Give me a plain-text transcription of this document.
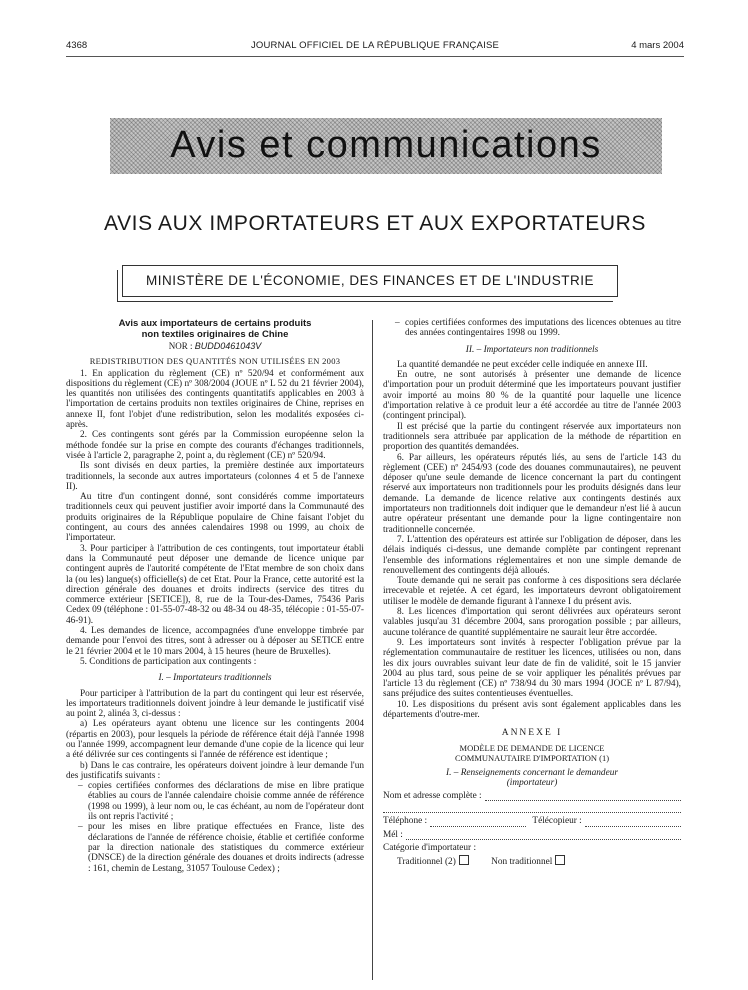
4368	JOURNAL OFFICIEL DE LA RÉPUBLIQUE FRANÇAISE	4 mars 2004
Avis et communications
AVIS AUX IMPORTATEURS ET AUX EXPORTATEURS
MINISTÈRE DE L'ÉCONOMIE, DES FINANCES ET DE L'INDUSTRIE
Avis aux importateurs de certains produits
non textiles originaires de Chine
NOR : BUDD0461043V
REDISTRIBUTION DES QUANTITÉS NON UTILISÉES EN 2003

1. En application du règlement (CE) nº 520/94 et conformément aux dispositions du règlement (CE) nº 308/2004 (JOUE nº L 52 du 21 février 2004), les quantités non utilisées des contingents quantitatifs applicables en 2003 à l'importation de certains produits non textiles originaires de Chine, reprises en annexe II, font l'objet d'une redistribution, selon les modalités exposées ci-après.

2. Ces contingents sont gérés par la Commission européenne selon la méthode fondée sur la prise en compte des courants d'échanges traditionnels, visée à l'article 2, paragraphe 2, point a, du règlement (CE) nº 520/94.

Ils sont divisés en deux parties, la première destinée aux importateurs traditionnels, la seconde aux autres importateurs (colonnes 4 et 5 de l'annexe II).

Au titre d'un contingent donné, sont considérés comme importateurs traditionnels ceux qui peuvent justifier avoir importé dans la Communauté des produits originaires de la République populaire de Chine faisant l'objet du contingent, au cours des années calendaires 1998 ou 1999, au choix de l'importateur.

3. Pour participer à l'attribution de ces contingents, tout importateur établi dans la Communauté peut déposer une demande de licence unique par contingent auprès de l'autorité compétente de l'Etat membre de son choix dans la (ou les) langue(s) officielle(s) de cet Etat. Pour la France, cette autorité est la direction générale des douanes et droits indirects (service des titres du commerce extérieur [SETICE]), 8, rue de la Tour-des-Dames, 75436 Paris Cedex 09 (téléphone : 01-55-07-48-32 ou 48-34 ou 48-35, télécopie : 01-55-07-46-91).

4. Les demandes de licence, accompagnées d'une enveloppe timbrée par demande pour l'envoi des titres, sont à adresser ou à déposer au SETICE entre le 21 février 2004 et le 10 mars 2004, à 15 heures (heure de Bruxelles).

5. Conditions de participation aux contingents :

I. – Importateurs traditionnels

Pour participer à l'attribution de la part du contingent qui leur est réservée, les importateurs traditionnels doivent joindre à leur demande le justificatif visé au point 2, alinéa 3, ci-dessus :

a) Les opérateurs ayant obtenu une licence sur les contingents 2004 (répartis en 2003), pour lesquels la période de référence était déjà l'année 1998 ou l'année 1999, accompagnent leur demande d'une copie de la licence qui leur a été délivrée sur ces contingents si l'année de référence est identique ;

b) Dans le cas contraire, les opérateurs doivent joindre à leur demande l'un des justificatifs suivants :

– copies certifiées conformes des déclarations de mise en libre pratique établies au cours de l'année calendaire choisie comme année de référence (1998 ou 1999), à leur nom ou, le cas échéant, au nom de l'opérateur dont ils ont repris l'activité ;
– pour les mises en libre pratique effectuées en France, liste des déclarations de l'année de référence choisie, établie et certifiée conforme par la direction nationale des statistiques du commerce extérieur (DNSCE) de la direction générale des douanes et droits indirects (adresse : 161, chemin de Lestang, 31057 Toulouse Cedex) ;
– copies certifiées conformes des imputations des licences obtenues au titre des années contingentaires 1998 ou 1999.
II. – Importateurs non traditionnels

La quantité demandée ne peut excéder celle indiquée en annexe III.

En outre, ne sont autorisés à présenter une demande de licence d'importation pour un produit déterminé que les importateurs pouvant justifier avoir importé au moins 80 % de la quantité pour laquelle une licence d'importation relative à ce produit leur a été accordée au titre de l'année 2003 (contingent principal).

Il est précisé que la partie du contingent réservée aux importateurs non traditionnels sera attribuée par application de la méthode de répartition en proportion des quantités demandées.

6. Par ailleurs, les opérateurs réputés liés, au sens de l'article 143 du règlement (CEE) nº 2454/93 (code des douanes communautaires), ne peuvent déposer qu'une seule demande de licence concernant la part du contingent réservé aux importateurs non traditionnels pour les produits désignés dans leur demande. La demande de licence relative aux contingents destinés aux importateurs non traditionnels doit indiquer que le demandeur n'est lié à aucun autre opérateur présentant une demande pour la ligne contingentaire non traditionnelle concernée.

7. L'attention des opérateurs est attirée sur l'obligation de déposer, dans les délais indiqués ci-dessus, une demande complète par contingent reprenant l'ensemble des informations réglementaires et non une simple demande de renouvellement des contingents déjà alloués.

Toute demande qui ne serait pas conforme à ces dispositions sera déclarée irrecevable et rejetée. A cet égard, les importateurs devront obligatoirement utiliser le modèle de demande figurant à l'annexe I du présent avis.

8. Les licences d'importation qui seront délivrées aux opérateurs seront valables jusqu'au 31 décembre 2004, sans prorogation possible ; par ailleurs, aucune tolérance de quantité supplémentaire ne saurait leur être accordée.

9. Les importateurs sont invités à respecter l'obligation prévue par la réglementation communautaire de restituer les licences, utilisées ou non, dans les dix jours ouvrables suivant leur date de fin de validité, soit le 15 janvier 2004 au plus tard, sous peine de se voir appliquer les pénalités prévues par l'article 13 du règlement (CE) nº 738/94 du 30 mars 1994 (JOCE nº L 87/94), sans préjudice des suites contentieuses éventuelles.

10. Les dispositions du présent avis sont également applicables dans les départements d'outre-mer.

ANNEXE I
MODÈLE DE DEMANDE DE LICENCE
COMMUNAUTAIRE D'IMPORTATION (1)
I. – Renseignements concernant le demandeur
(importateur)
Nom et adresse complète :
Téléphone :	Télécopieur :
Mél :
Catégorie d'importateur :
Traditionnel (2)	Non traditionnel
